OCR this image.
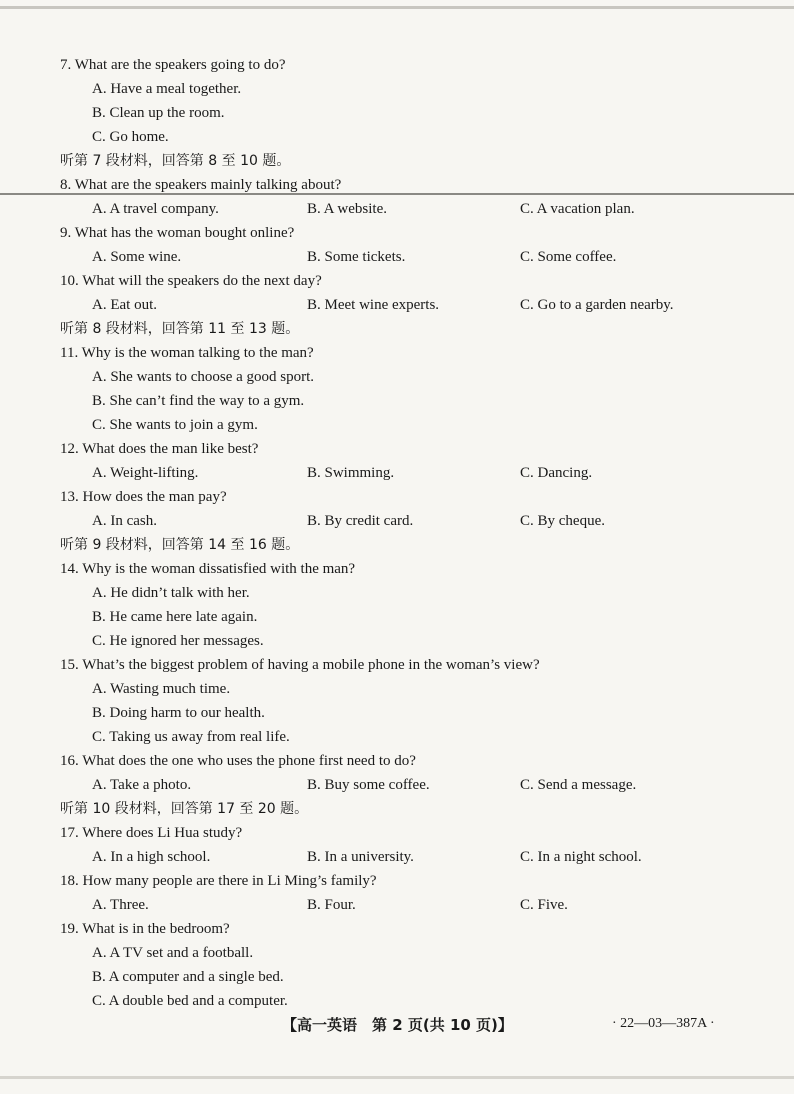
7. What are the speakers going to do?
A. Have a meal together.
B. Clean up the room.
C. Go home.
听第 7 段材料，回答第 8 至 10 题。
8. What are the speakers mainly talking about?
A. A travel company.	B. A website.	C. A vacation plan.
9. What has the woman bought online?
A. Some wine.	B. Some tickets.	C. Some coffee.
10. What will the speakers do the next day?
A. Eat out.	B. Meet wine experts.	C. Go to a garden nearby.
听第 8 段材料，回答第 11 至 13 题。
11. Why is the woman talking to the man?
A. She wants to choose a good sport.
B. She can’t find the way to a gym.
C. She wants to join a gym.
12. What does the man like best?
A. Weight-lifting.	B. Swimming.	C. Dancing.
13. How does the man pay?
A. In cash.	B. By credit card.	C. By cheque.
听第 9 段材料，回答第 14 至 16 题。
14. Why is the woman dissatisfied with the man?
A. He didn’t talk with her.
B. He came here late again.
C. He ignored her messages.
15. What’s the biggest problem of having a mobile phone in the woman’s view?
A. Wasting much time.
B. Doing harm to our health.
C. Taking us away from real life.
16. What does the one who uses the phone first need to do?
A. Take a photo.	B. Buy some coffee.	C. Send a message.
听第 10 段材料，回答第 17 至 20 题。
17. Where does Li Hua study?
A. In a high school.	B. In a university.	C. In a night school.
18. How many people are there in Li Ming’s family?
A. Three.	B. Four.	C. Five.
19. What is in the bedroom?
A. A TV set and a football.
B. A computer and a single bed.
C. A double bed and a computer.
【高一英语　第 2 页(共 10 页)】	· 22—03—387A ·
